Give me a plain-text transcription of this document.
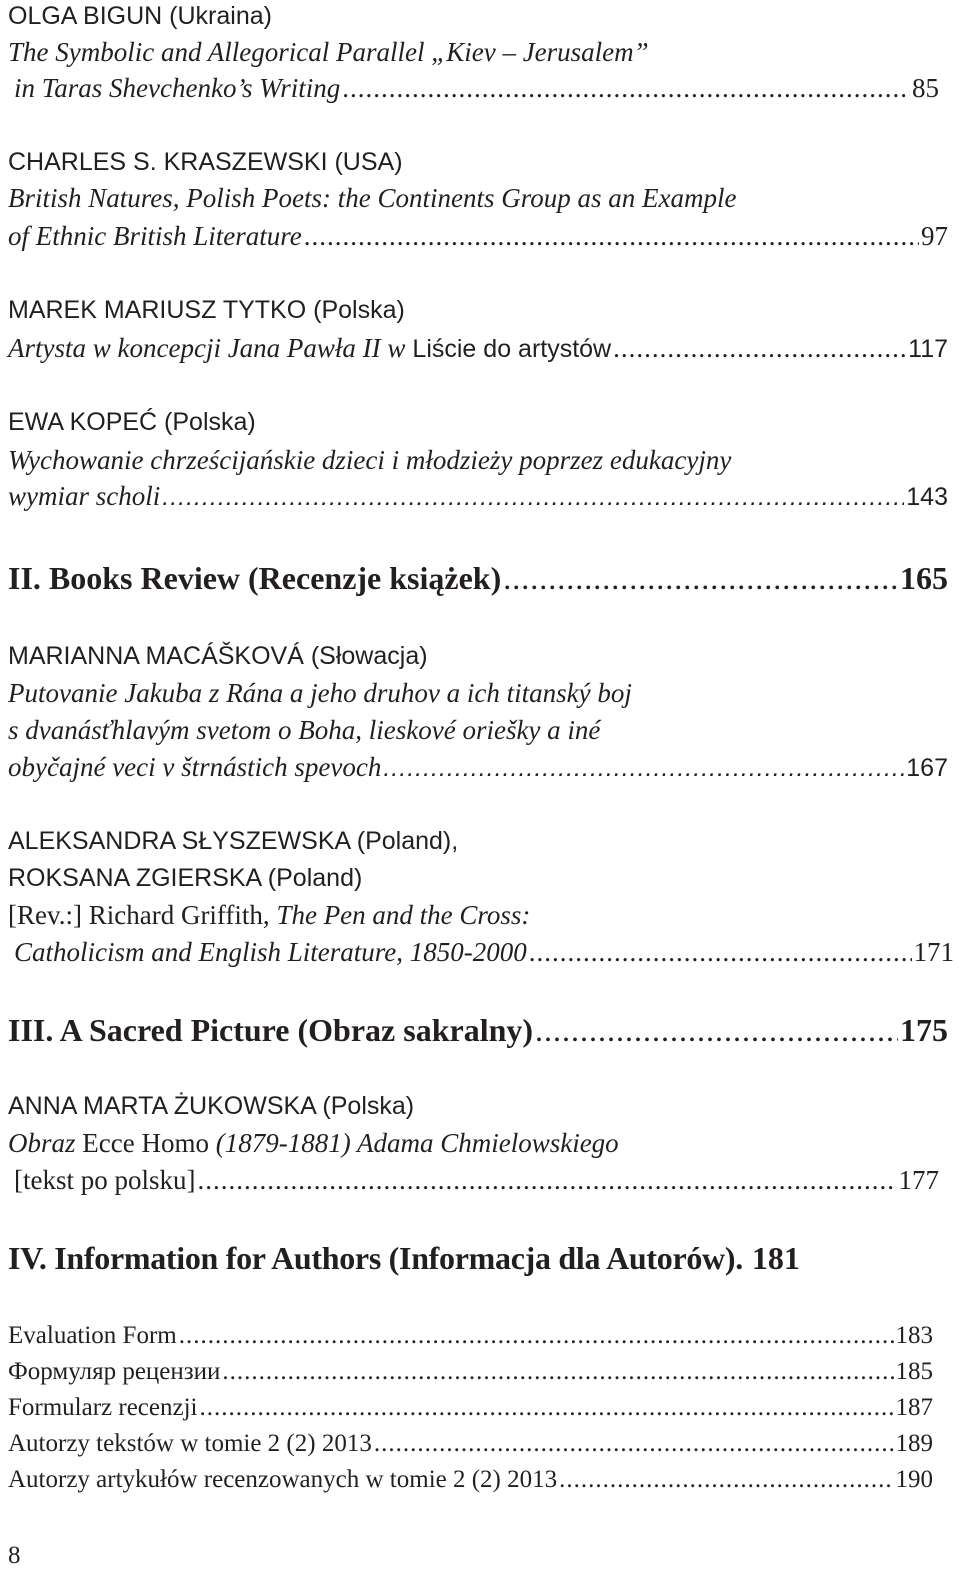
OLGA BIGUN (Ukraina)
The Symbolic and Allegorical Parallel „Kiev – Jerusalem”
in Taras Shevchenko’s Writing .....	85
CHARLES S. KRASZEWSKI (USA)
British Natures, Polish Poets: the Continents Group as an Example
of Ethnic British Literature .....	97
MAREK MARIUSZ TYTKO (Polska)
Artysta w koncepcji Jana Pawła II w Liście do artystów .....	117
EWA KOPEĆ (Polska)
Wychowanie chrześcijańskie dzieci i młodzieży poprzez edukacyjny
wymiar scholi .....	143
II. Books Review (Recenzje książek) .....	165
MARIANNA MACÁŠKOVÁ (Słowacja)
Putovanie Jakuba z Rána a jeho druhov a ich titanský boj
s dvanásťhlavým svetom o Boha, lieskové oriešky a iné
obyčajné veci v štrnástich spevoch .....	167
ALEKSANDRA SŁYSZEWSKA (Poland),
ROKSANA ZGIERSKA (Poland)
[Rev.:] Richard Griffith, The Pen and the Cross:
Catholicism and English Literature, 1850-2000 .....	171
III. A Sacred Picture (Obraz sakralny) .....	175
ANNA MARTA ŻUKOWSKA (Polska)
Obraz Ecce Homo (1879-1881) Adama Chmielowskiego
[tekst po polsku] .....	177
IV. Information for Authors (Informacja dla Autorów). 181
Evaluation Form .....	183
Формуляр рецензии .....	185
Formularz recenzji .....	187
Autorzy tekstów w tomie 2 (2) 2013 .....	189
Autorzy artykułów recenzowanych w tomie 2 (2) 2013 .....	190
8
